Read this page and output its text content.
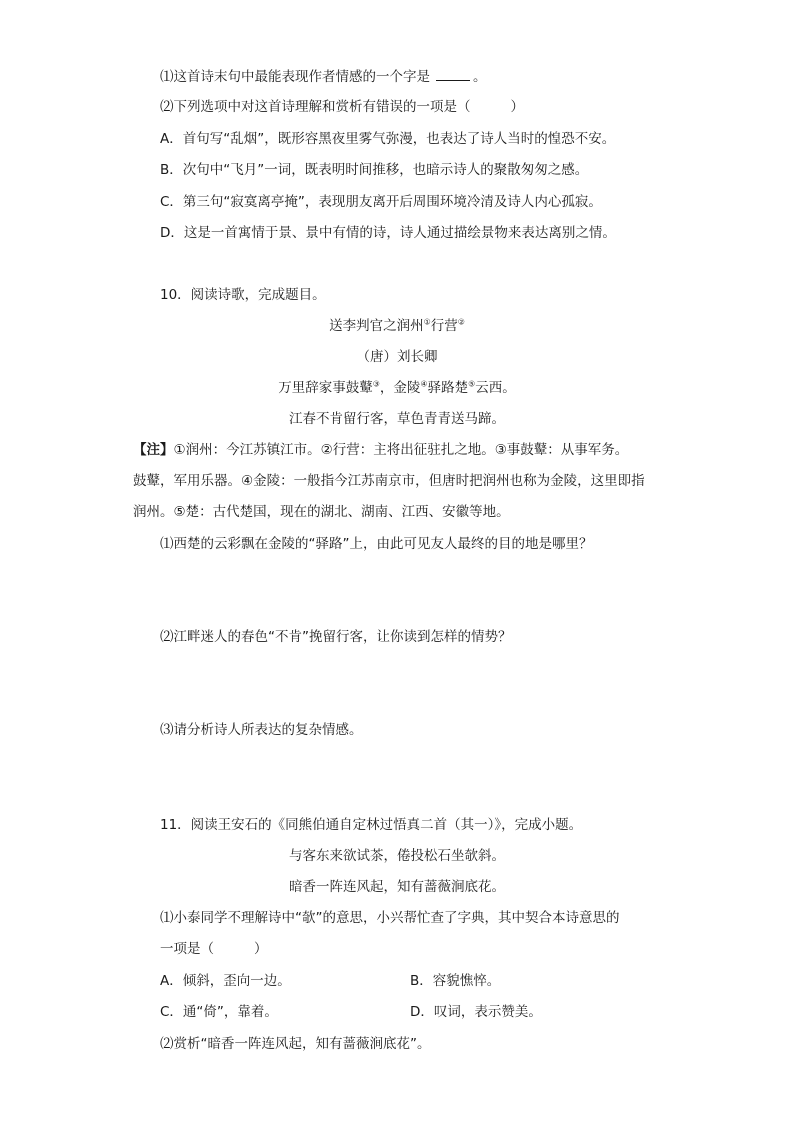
⑴这首诗末句中最能表现作者情感的一个字是	。
⑵下列选项中对这首诗理解和赏析有错误的一项是（	）
A．首句写“乱烟”，既形容黑夜里雾气弥漫，也表达了诗人当时的惶恐不安。
B．次句中“飞月”一词，既表明时间推移，也暗示诗人的聚散匆匆之感。
C．第三句“寂寞离亭掩”，表现朋友离开后周围环境冷清及诗人内心孤寂。
D．这是一首寓情于景、景中有情的诗，诗人通过描绘景物来表达离别之情。
10．阅读诗歌，完成题目。
送李判官之润州①行营②
（唐）刘长卿
万里辞家事鼓鼙③，金陵④驿路楚⑤云西。
江春不肯留行客，草色青青送马蹄。
【注】①润州：今江苏镇江市。②行营：主将出征驻扎之地。③事鼓鼙：从事军务。
鼓鼙，军用乐器。④金陵：一般指今江苏南京市，但唐时把润州也称为金陵，这里即指
润州。⑤楚：古代楚国，现在的湖北、湖南、江西、安徽等地。
⑴西楚的云彩飘在金陵的“驿路”上，由此可见友人最终的目的地是哪里？
⑵江畔迷人的春色“不肯”挽留行客，让你读到怎样的情势？
⑶请分析诗人所表达的复杂情感。
11．阅读王安石的《同熊伯通自定林过悟真二首（其一）》，完成小题。
与客东来欲试茶，倦投松石坐欹斜。
暗香一阵连风起，知有蔷薇涧底花。
⑴小泰同学不理解诗中“欹”的意思，小兴帮忙查了字典，其中契合本诗意思的
一项是（	）
A．倾斜，歪向一边。	B．容貌憔悴。
C．通“倚”，靠着。	D．叹词，表示赞美。
⑵赏析“暗香一阵连风起，知有蔷薇涧底花”。
